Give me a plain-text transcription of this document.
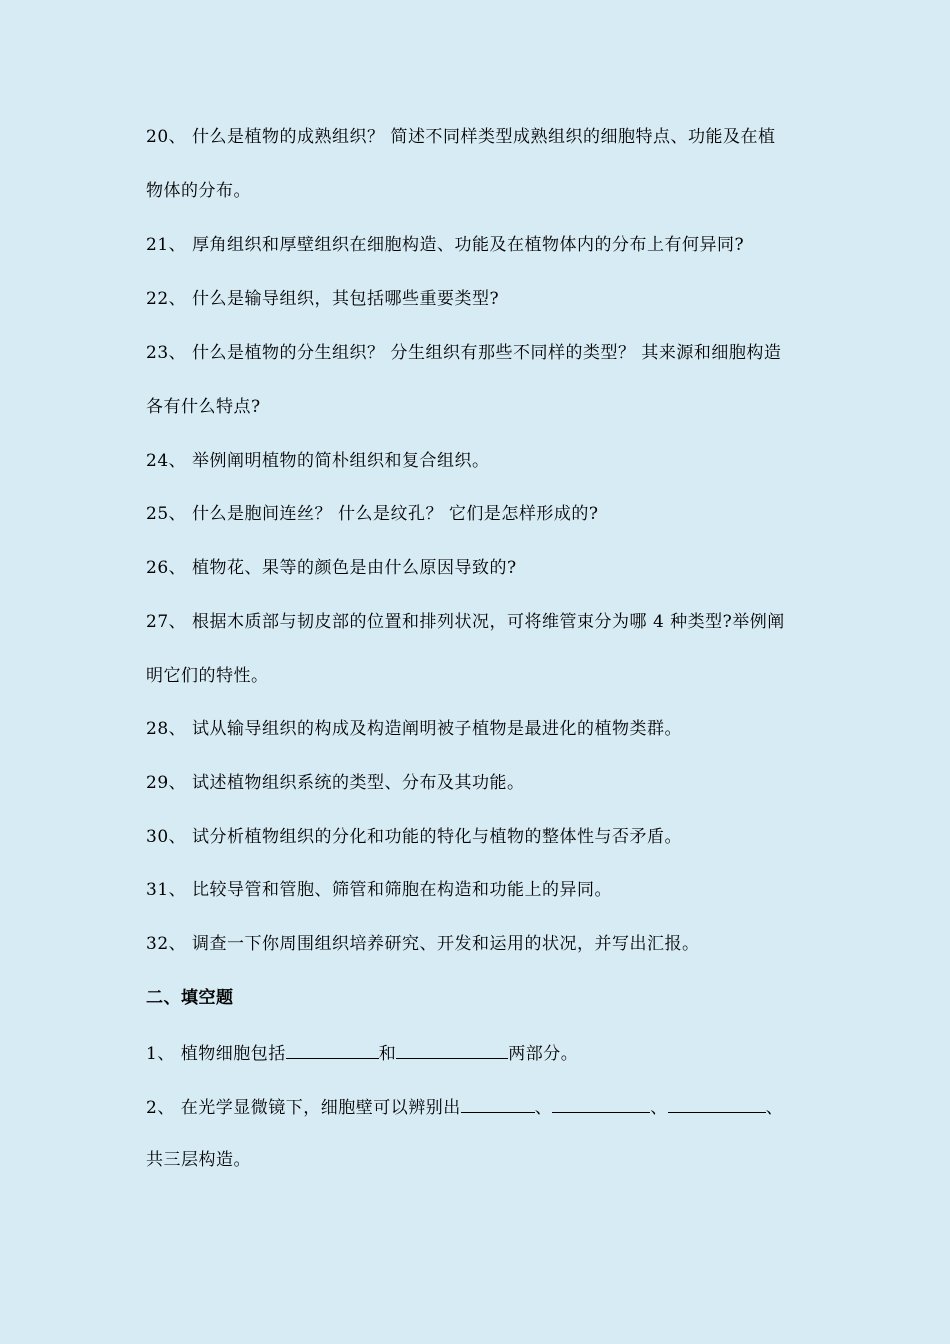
20、 什么是植物的成熟组织？ 简述不同样类型成熟组织的细胞特点、功能及在植
物体的分布。
21、 厚角组织和厚壁组织在细胞构造、功能及在植物体内的分布上有何异同?
22、 什么是输导组织，其包括哪些重要类型?
23、 什么是植物的分生组织？ 分生组织有那些不同样的类型？ 其来源和细胞构造
各有什么特点?
24、 举例阐明植物的简朴组织和复合组织。
25、 什么是胞间连丝？ 什么是纹孔？ 它们是怎样形成的?
26、 植物花、果等的颜色是由什么原因导致的?
27、 根据木质部与韧皮部的位置和排列状况，可将维管束分为哪 4 种类型?举例阐
明它们的特性。
28、 试从输导组织的构成及构造阐明被子植物是最进化的植物类群。
29、 试述植物组织系统的类型、分布及其功能。
30、 试分析植物组织的分化和功能的特化与植物的整体性与否矛盾。
31、 比较导管和管胞、筛管和筛胞在构造和功能上的异同。
32、 调查一下你周围组织培养研究、开发和运用的状况，并写出汇报。
二、填空题
1、 植物细胞包括	和	两部分。
2、 在光学显微镜下，细胞壁可以辨别出	、	、	、
共三层构造。
